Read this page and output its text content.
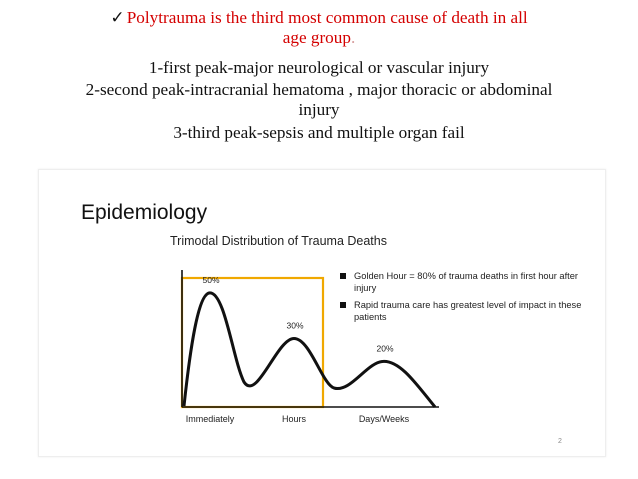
✓ Polytrauma is the third most common cause of death in all
age group.
1-first peak-major neurological or vascular injury
2-second peak-intracranial hematoma , major thoracic or abdominal
injury
3-third peak-sepsis and multiple organ fail
Epidemiology
Trimodal Distribution of Trauma Deaths
50%
30%
20%
Immediately	Hours	Days/Weeks
Golden Hour = 80% of trauma deaths in first hour after injury
Rapid trauma care has greatest level of impact in these patients
2
